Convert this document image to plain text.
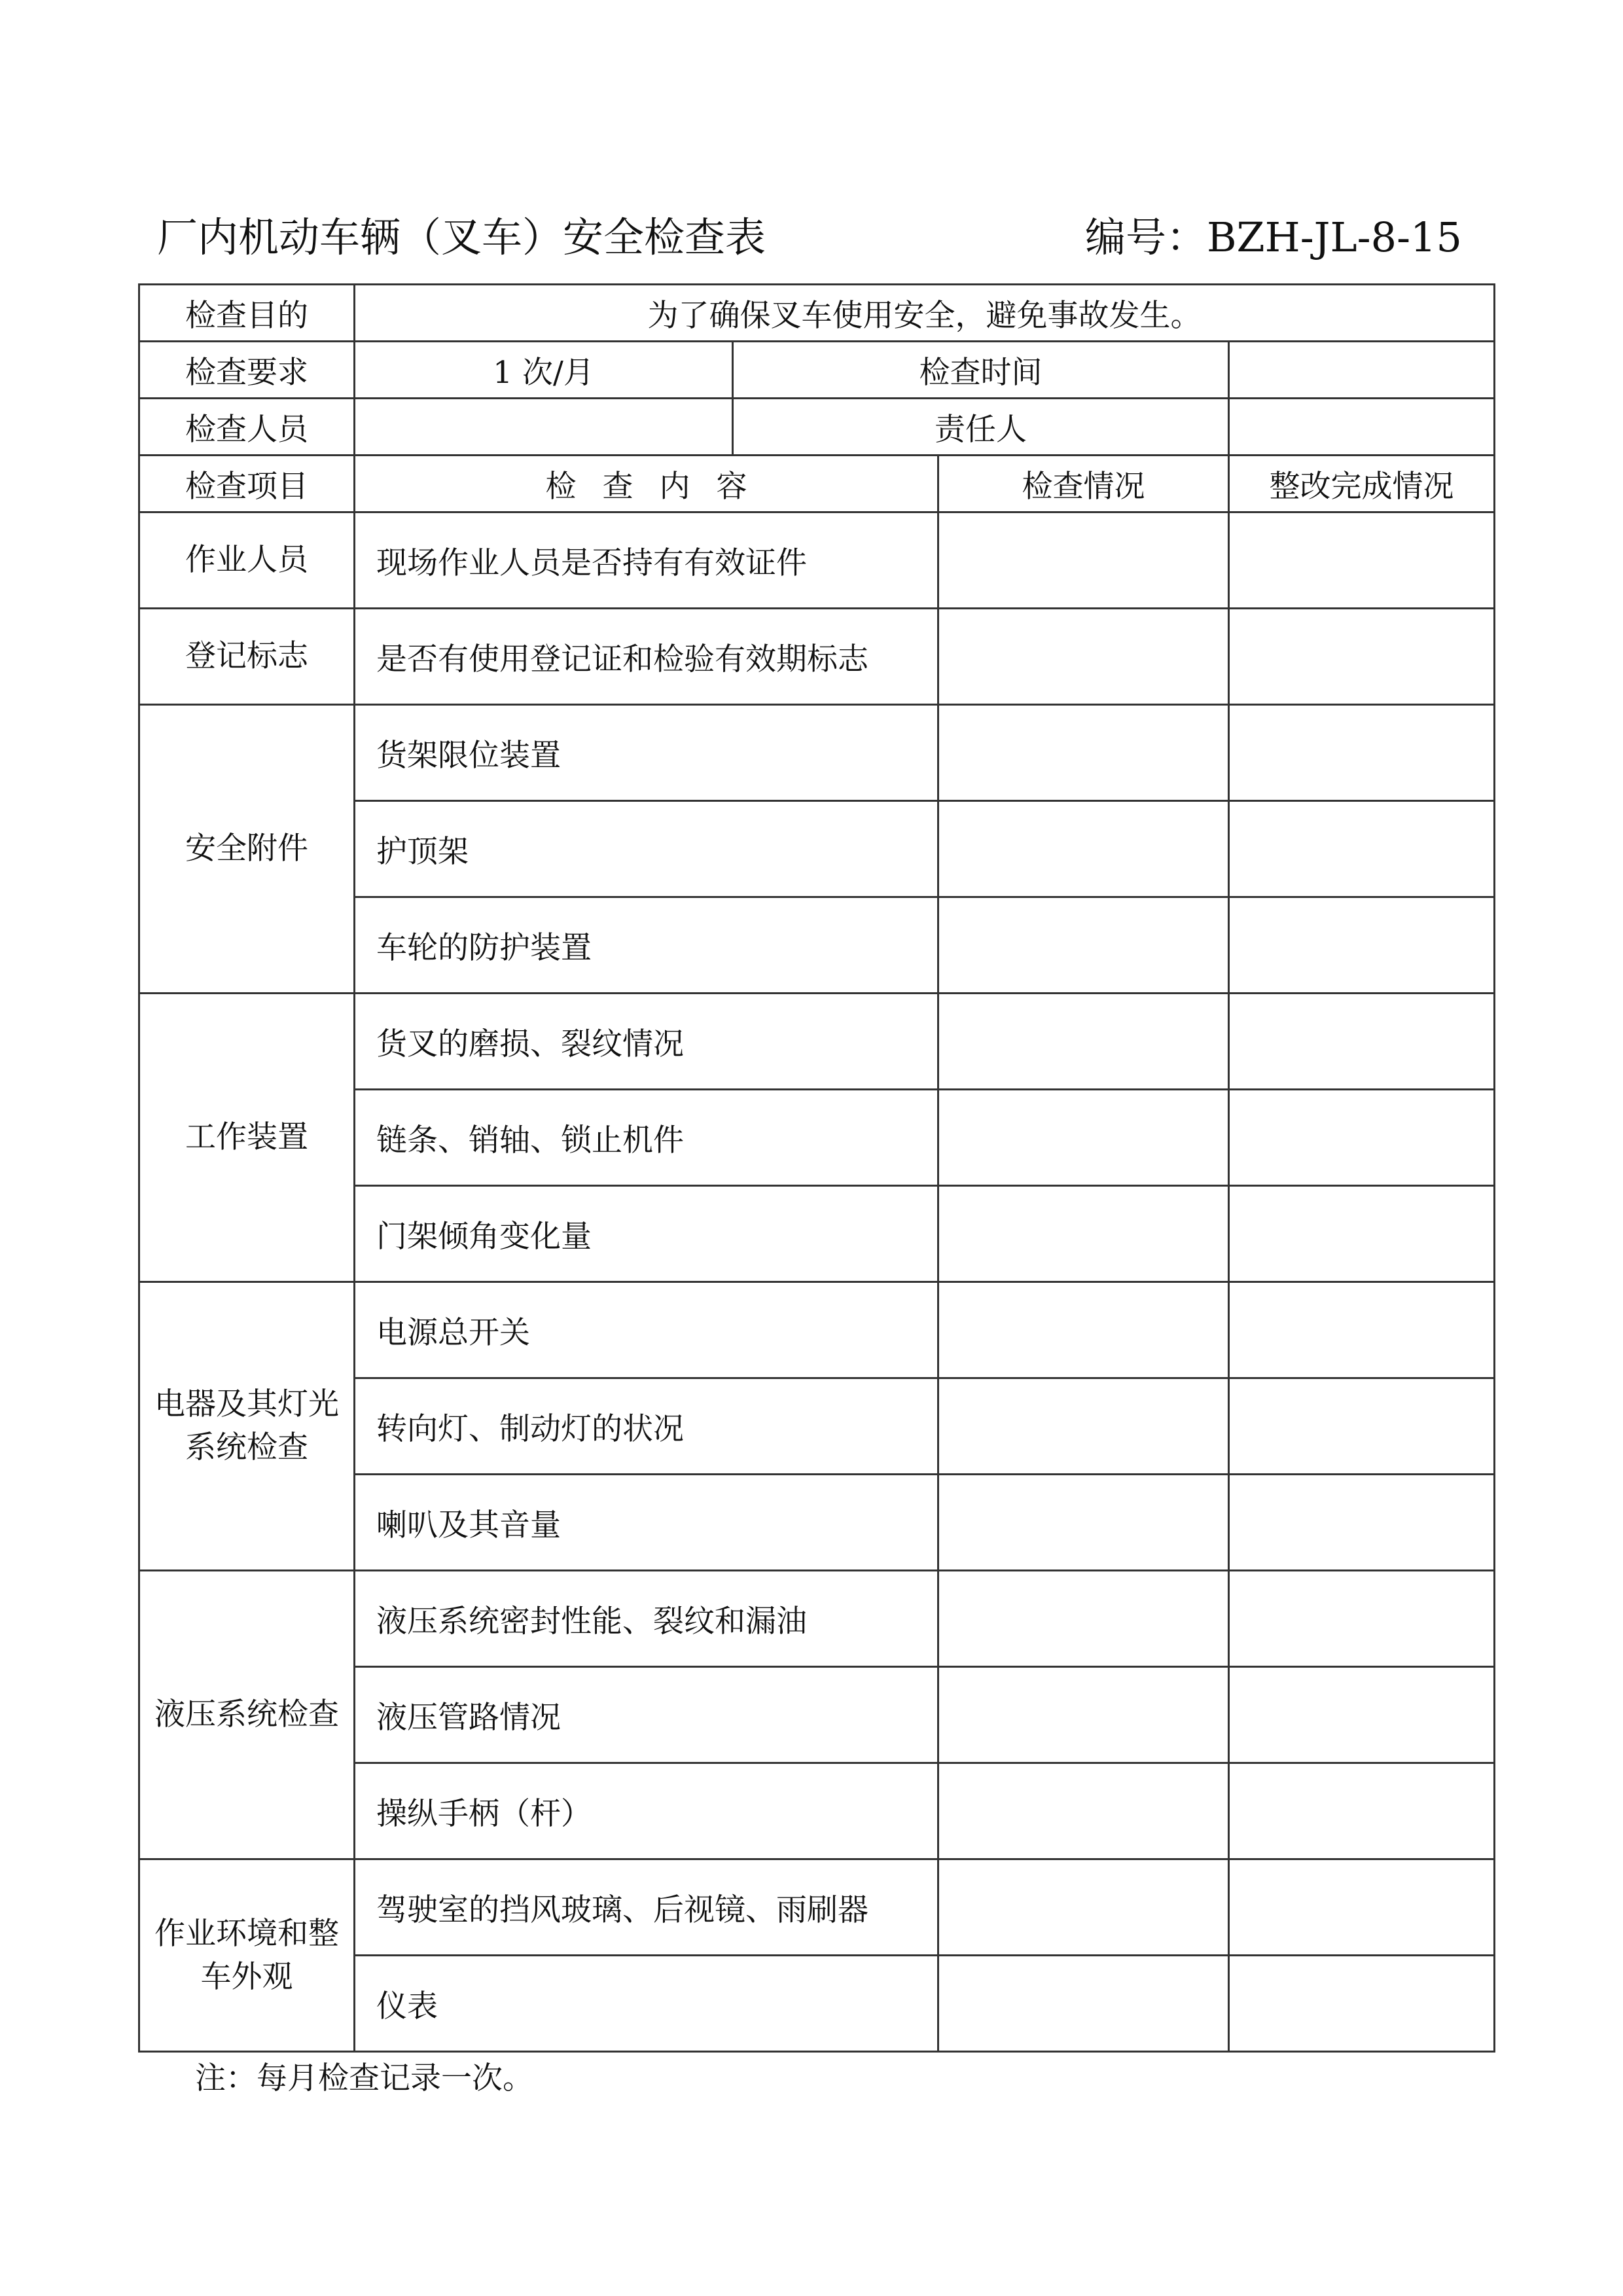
厂内机动车辆（叉车）安全检查表	编号：BZH-JL-8-15
检查目的	为了确保叉车使用安全，避免事故发生。			
检查要求	1 次/月	检查时间		
检查人员		责任人		
检查项目	检查内容		检查情况	整改完成情况
作业人员	现场作业人员是否持有有效证件			
登记标志	是否有使用登记证和检验有效期标志			
安全附件	货架限位装置			
	护顶架			
	车轮的防护装置			
工作装置	货叉的磨损、裂纹情况			
	链条、销轴、锁止机件			
	门架倾角变化量			

电器及其灯光
系统检查	电源总开关			
	转向灯、制动灯的状况			
	喇叭及其音量			
液压系统检查	液压系统密封性能、裂纹和漏油			
	液压管路情况			
	操纵手柄（杆）			

作业环境和整
车外观	驾驶室的挡风玻璃、后视镜、雨刷器			
	仪表			
注：每月检查记录一次。
